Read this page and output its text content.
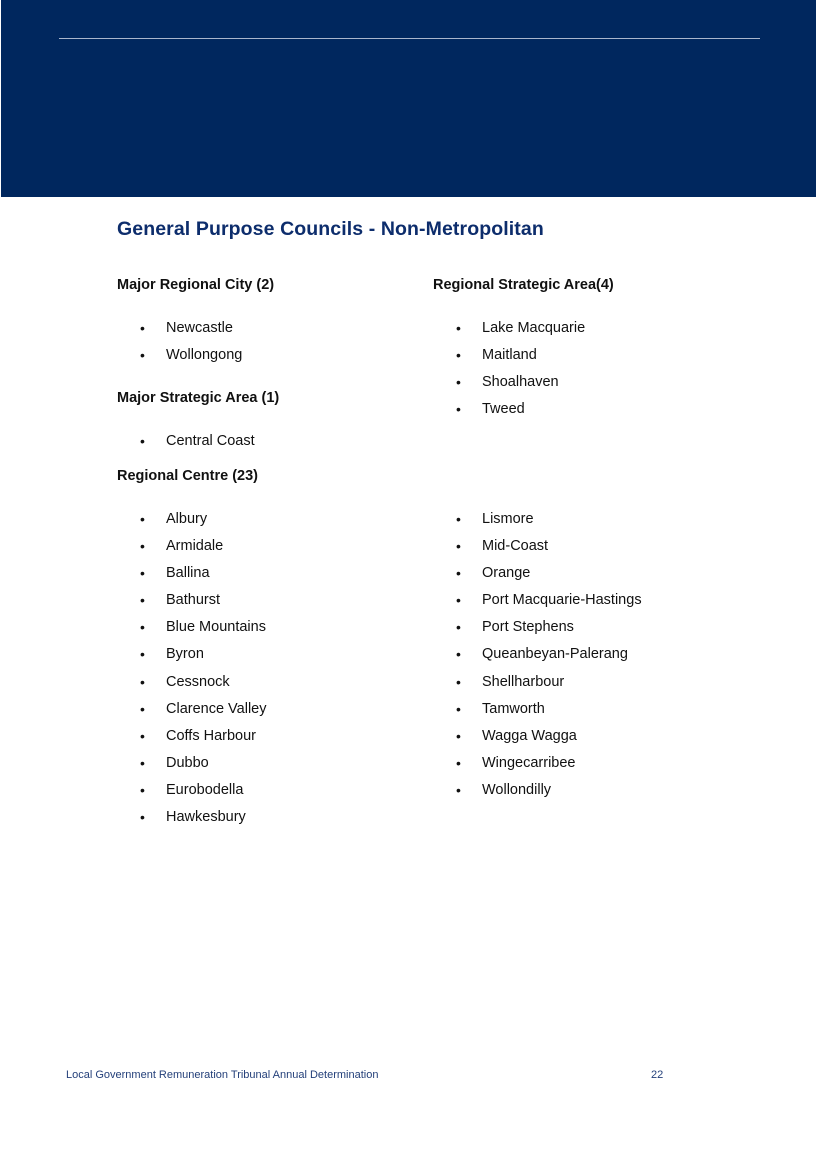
General Purpose Councils - Non-Metropolitan
Major Regional City (2)
• Newcastle
• Wollongong
Regional Strategic Area(4)
• Lake Macquarie
• Maitland
• Shoalhaven
• Tweed
Major Strategic Area (1)
• Central Coast
Regional Centre (23)
• Albury
• Armidale
• Ballina
• Bathurst
• Blue Mountains
• Byron
• Cessnock
• Clarence Valley
• Coffs Harbour
• Dubbo
• Eurobodella
• Hawkesbury
• Lismore
• Mid-Coast
• Orange
• Port Macquarie-Hastings
• Port Stephens
• Queanbeyan-Palerang
• Shellharbour
• Tamworth
• Wagga Wagga
• Wingecarribee
• Wollondilly
Local Government Remuneration Tribunal Annual Determination	22
